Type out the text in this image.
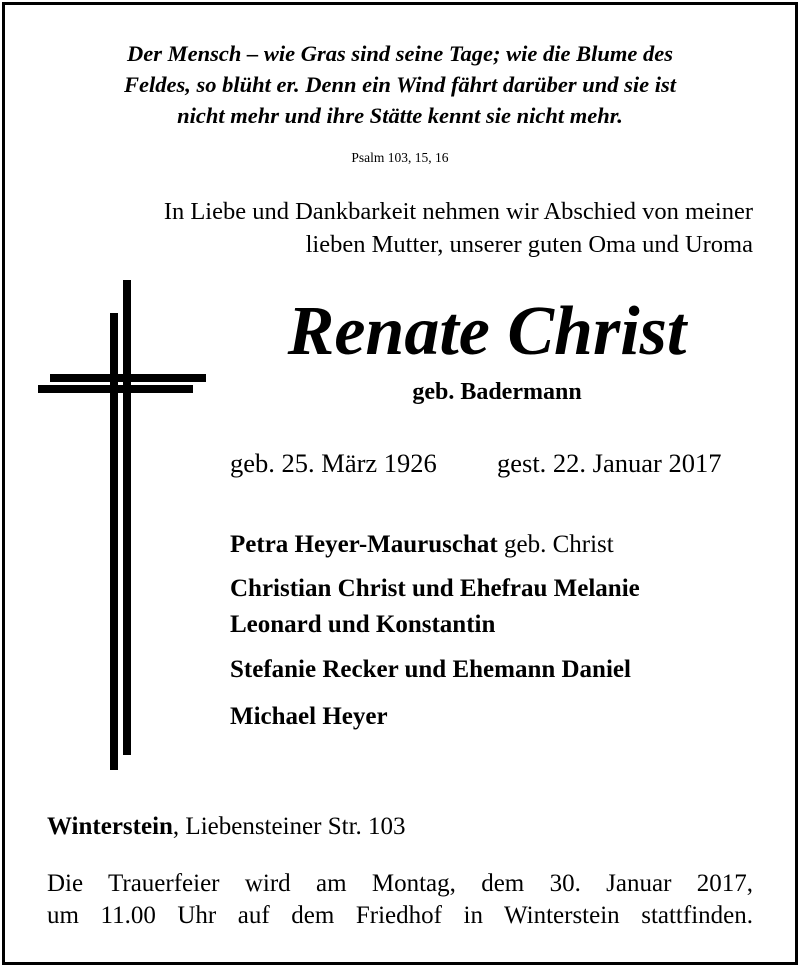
Der Mensch – wie Gras sind seine Tage; wie die Blume des
Feldes, so blüht er. Denn ein Wind fährt darüber und sie ist
nicht mehr und ihre Stätte kennt sie nicht mehr.
Psalm 103, 15, 16
In Liebe und Dankbarkeit nehmen wir Abschied von meiner
lieben Mutter, unserer guten Oma und Uroma
Renate Christ
geb. Badermann
geb. 25. März 1926 gest. 22. Januar 2017
Petra Heyer-Mauruschat geb. Christ
Christian Christ und Ehefrau Melanie
Leonard und Konstantin
Stefanie Recker und Ehemann Daniel
Michael Heyer
Winterstein, Liebensteiner Str. 103
Die Trauerfeier wird am Montag, dem 30. Januar 2017,
um 11.00 Uhr auf dem Friedhof in Winterstein stattfinden.
